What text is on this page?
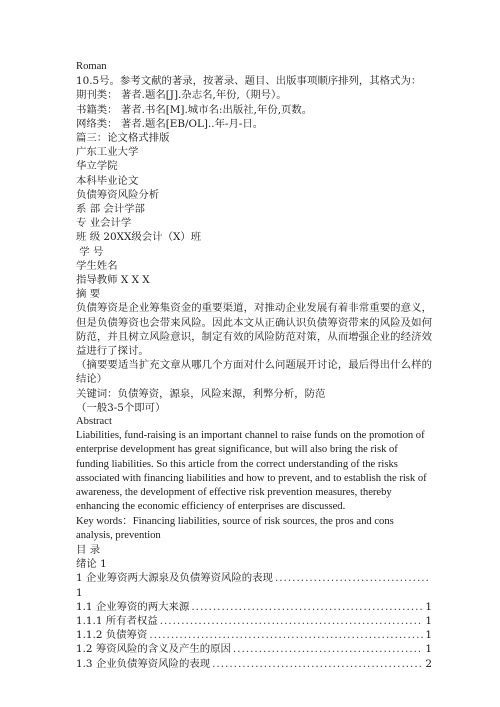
Roman
10.5号。参考文献的著录，按著录、题目、出版事项顺序排列，其格式为：
期刊类： 著者.题名[J].杂志名,年份,（期号）。
书籍类： 著者.书名[M].城市名:出版社,年份,页数。
网络类： 著者.题名[EB/OL]..年-月-日。
篇三：论文格式排版
广东工业大学
华立学院
本科毕业论文
负债筹资风险分析
系 部 会计学部
专 业会计学
班 级 20XX级会计（X）班
学 号
学生姓名
指导教师 X X X
摘 要
负债筹资是企业筹集资金的重要渠道，对推动企业发展有着非常重要的意义，但是负债筹资也会带来风险。因此本文从正确认识负债筹资带来的风险及如何防范，并且树立风险意识，制定有效的风险防范对策，从而增强企业的经济效益进行了探讨。
（摘要要适当扩充文章从哪几个方面对什么问题展开讨论，最后得出什么样的结论）
关键词：负债筹资，源泉，风险来源，利弊分析，防范
（一般3-5个即可）
Abstract
Liabilities, fund-raising is an important channel to raise funds on the promotion of enterprise development has great significance, but will also bring the risk of funding liabilities. So this article from the correct understanding of the risks associated with financing liabilities and how to prevent, and to establish the risk of awareness, the development of effective risk prevention measures, thereby enhancing the economic efficiency of enterprises are discussed.
Key words：Financing liabilities, source of risk sources, the pros and cons analysis, prevention
目 录
绪论 1
1 企业筹资两大源泉及负债筹资风险的表现
.....
1
1.1 企业筹资的两大来源 .....	1
1.1.1 所有者权益 .....	1
1.1.2 负债筹资 .....	1
1.2 筹资风险的含义及产生的原因 .....	1
1.3 企业负债筹资风险的表现 .....	2
